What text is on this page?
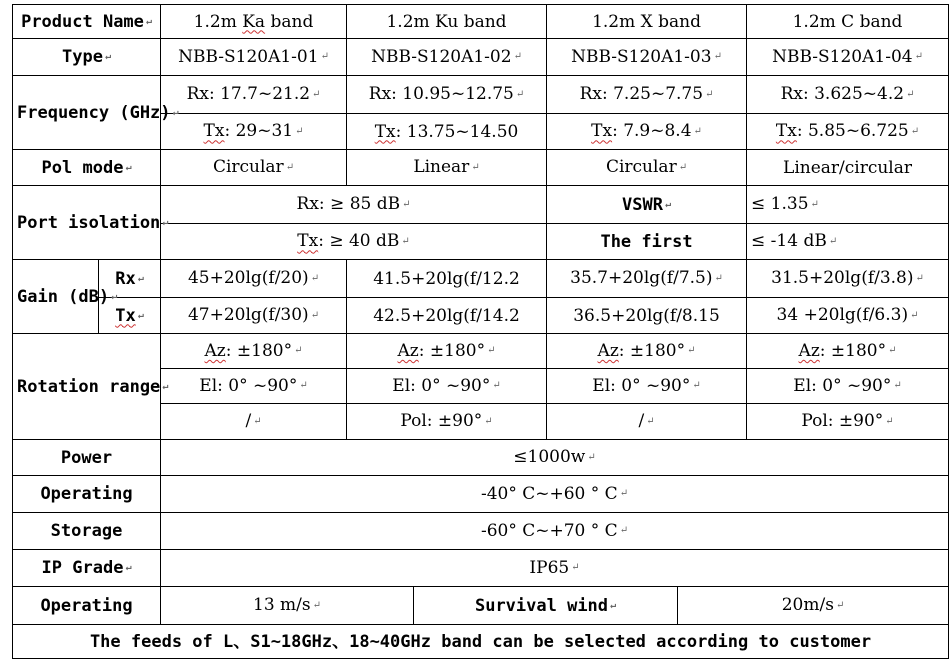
Product Name ↵		1.2m Ka band	1.2m Ku band		1.2m X band		1.2m C band
Type ↵		NBB-S120A1-01 ↵	NBB-S120A1-02 ↵		NBB-S120A1-03 ↵		NBB-S120A1-04 ↵
Frequency (GHz) ↵		Rx: 17.7~21.2 ↵	Rx: 10.95~12.75 ↵		Rx: 7.25~7.75 ↵		Rx: 3.625~4.2 ↵
		Tx: 29~31 ↵	Tx: 13.75~14.50		Tx: 7.9~8.4 ↵		Tx: 5.85~6.725 ↵
Pol mode ↵		Circular ↵	Linear ↵		Circular ↵		Linear/circular
Port isolation ↵		Rx: ≥ 85 dB ↵			VSWR ↵		≤ 1.35 ↵
		Tx: ≥ 40 dB ↵			The first		≤ -14 dB ↵
Gain (dB) ↵	Rx ↵	45+20lg(f/20) ↵	41.5+20lg(f/12.2		35.7+20lg(f/7.5) ↵		31.5+20lg(f/3.8) ↵
	Tx ↵	47+20lg(f/30) ↵	42.5+20lg(f/14.2		36.5+20lg(f/8.15		34 +20lg(f/6.3) ↵
Rotation range ↵		Az: ±180° ↵	Az: ±180° ↵		Az: ±180° ↵		Az: ±180° ↵
		El: 0° ~90° ↵	El: 0° ~90° ↵		El: 0° ~90° ↵		El: 0° ~90° ↵
		/ ↵	Pol: ±90° ↵		/ ↵		Pol: ±90° ↵
Power		≤1000w ↵					
Operating		-40° C~+60 ° C ↵					
Storage		-60° C~+70 ° C ↵					
IP Grade ↵		IP65 ↵					
Operating		13 m/s ↵		Survival wind ↵		20m/s ↵	
The feeds of L、S1~18GHz、18~40GHz band can be selected according to customer							
